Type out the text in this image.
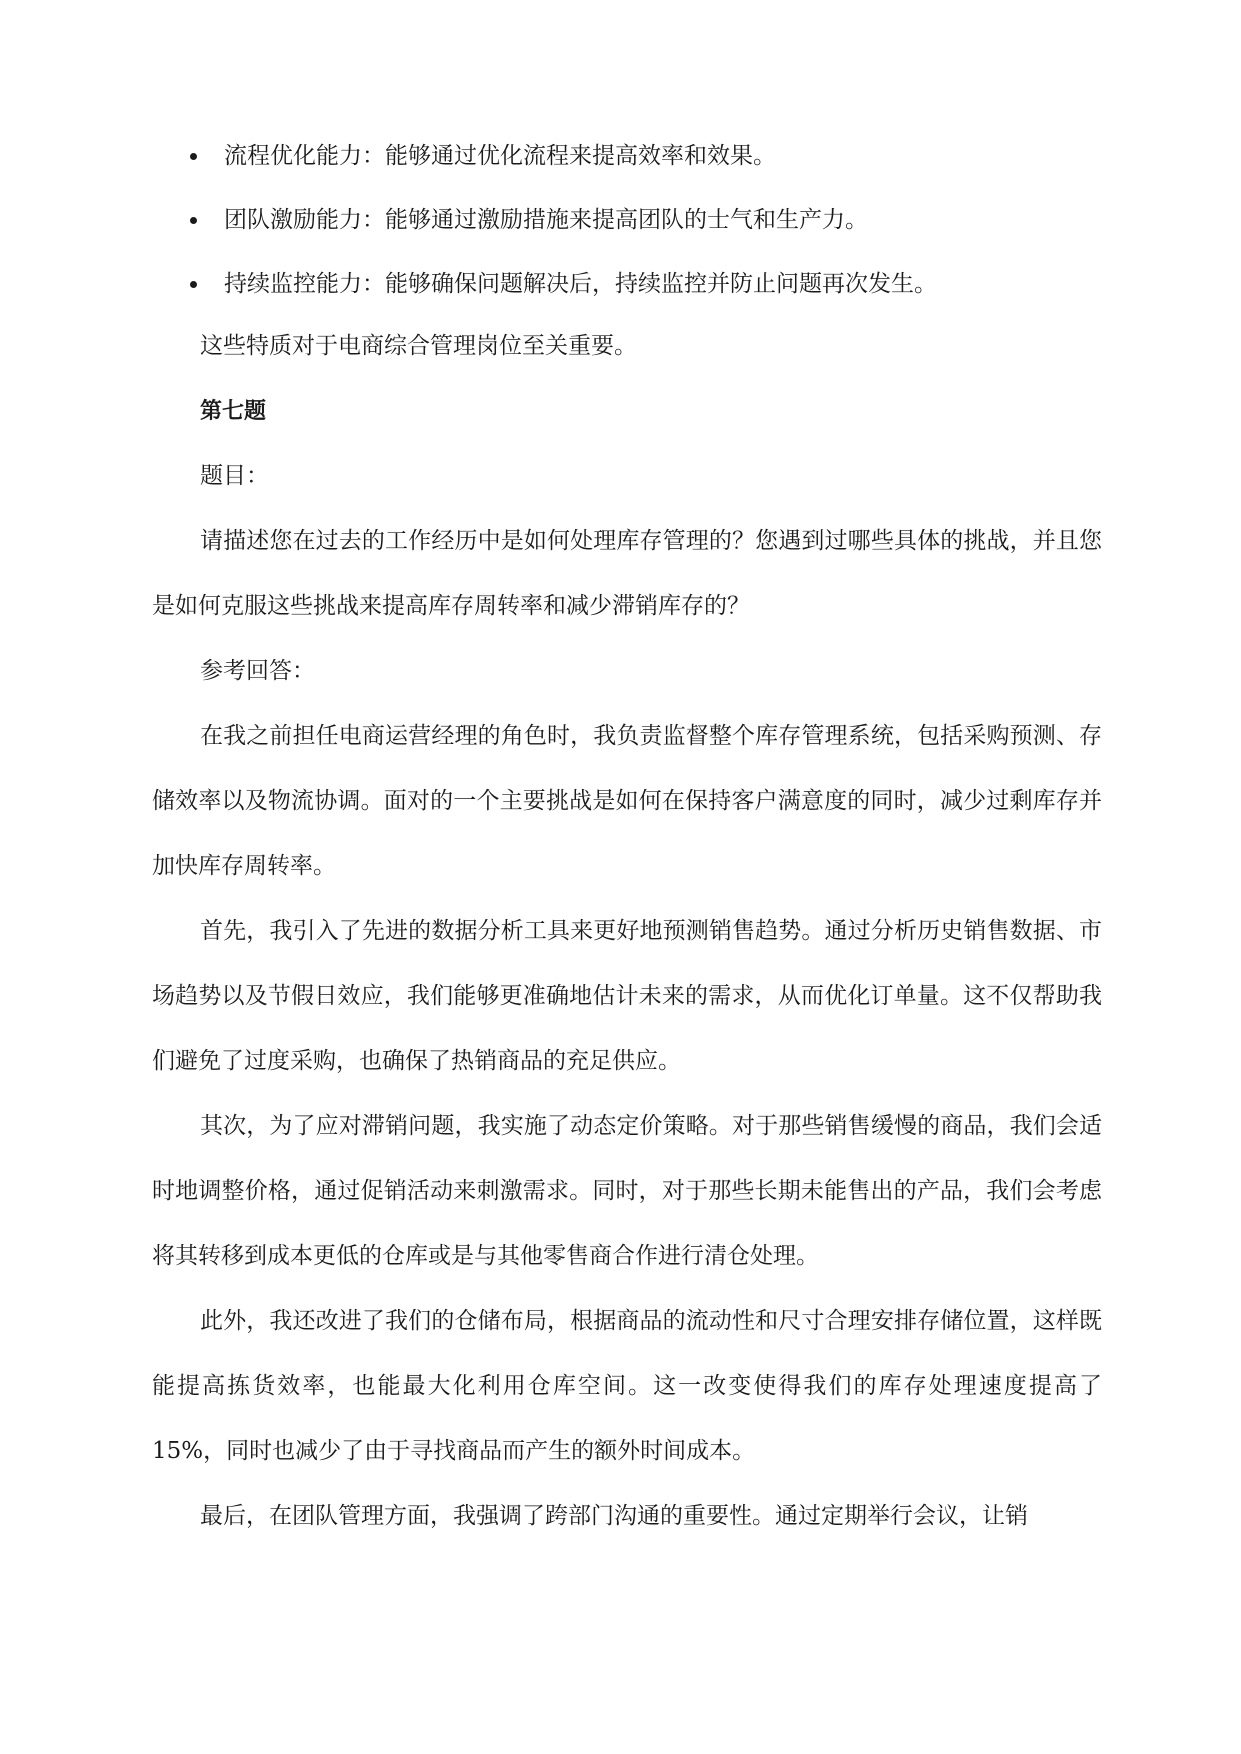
流程优化能力：能够通过优化流程来提高效率和效果。
团队激励能力：能够通过激励措施来提高团队的士气和生产力。
持续监控能力：能够确保问题解决后，持续监控并防止问题再次发生。

这些特质对于电商综合管理岗位至关重要。

第七题

题目：

请描述您在过去的工作经历中是如何处理库存管理的？您遇到过哪些具体的挑战，并且您是如何克服这些挑战来提高库存周转率和减少滞销库存的？

参考回答：

在我之前担任电商运营经理的角色时，我负责监督整个库存管理系统，包括采购预测、存储效率以及物流协调。面对的一个主要挑战是如何在保持客户满意度的同时，减少过剩库存并加快库存周转率。

首先，我引入了先进的数据分析工具来更好地预测销售趋势。通过分析历史销售数据、市场趋势以及节假日效应，我们能够更准确地估计未来的需求，从而优化订单量。这不仅帮助我们避免了过度采购，也确保了热销商品的充足供应。

其次，为了应对滞销问题，我实施了动态定价策略。对于那些销售缓慢的商品，我们会适时地调整价格，通过促销活动来刺激需求。同时，对于那些长期未能售出的产品，我们会考虑将其转移到成本更低的仓库或是与其他零售商合作进行清仓处理。

此外，我还改进了我们的仓储布局，根据商品的流动性和尺寸合理安排存储位置，这样既能提高拣货效率，也能最大化利用仓库空间。这一改变使得我们的库存处理速度提高了 15%，同时也减少了由于寻找商品而产生的额外时间成本。

最后，在团队管理方面，我强调了跨部门沟通的重要性。通过定期举行会议，让销
